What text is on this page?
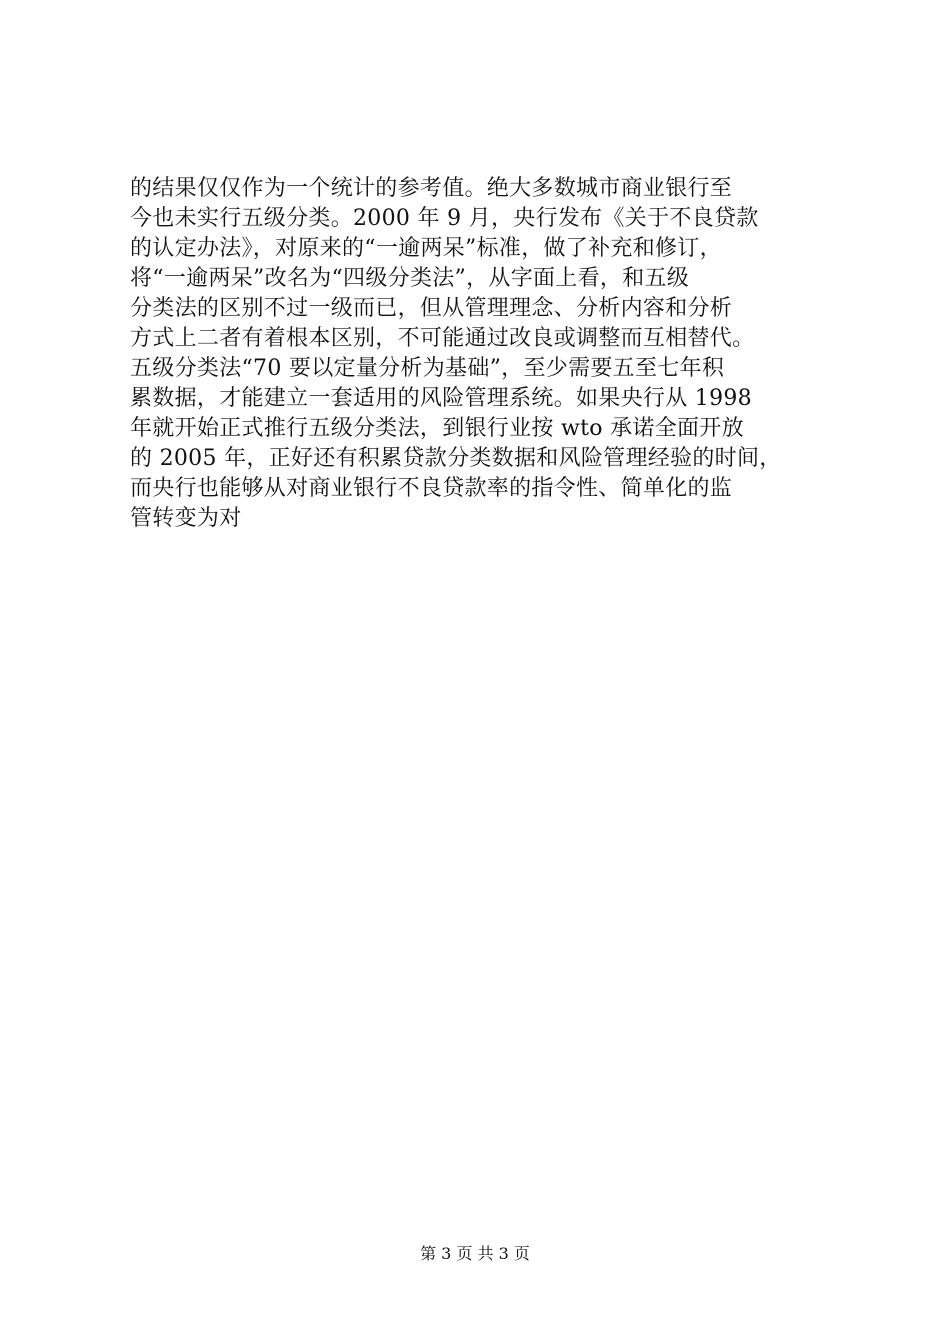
的结果仅仅作为一个统计的参考值。绝大多数城市商业银行至
今也未实行五级分类。2000 年 9 月，央行发布《关于不良贷款
的认定办法》，对原来的“一逾两呆”标准，做了补充和修订，
将“一逾两呆”改名为“四级分类法”，从字面上看，和五级
分类法的区别不过一级而已，但从管理理念、分析内容和分析
方式上二者有着根本区别，不可能通过改良或调整而互相替代。
五级分类法“70 要以定量分析为基础”，至少需要五至七年积
累数据，才能建立一套适用的风险管理系统。如果央行从 1998
年就开始正式推行五级分类法，到银行业按 wto 承诺全面开放
的 2005 年，正好还有积累贷款分类数据和风险管理经验的时间，
而央行也能够从对商业银行不良贷款率的指令性、简单化的监
管转变为对
第 3 页 共 3 页
